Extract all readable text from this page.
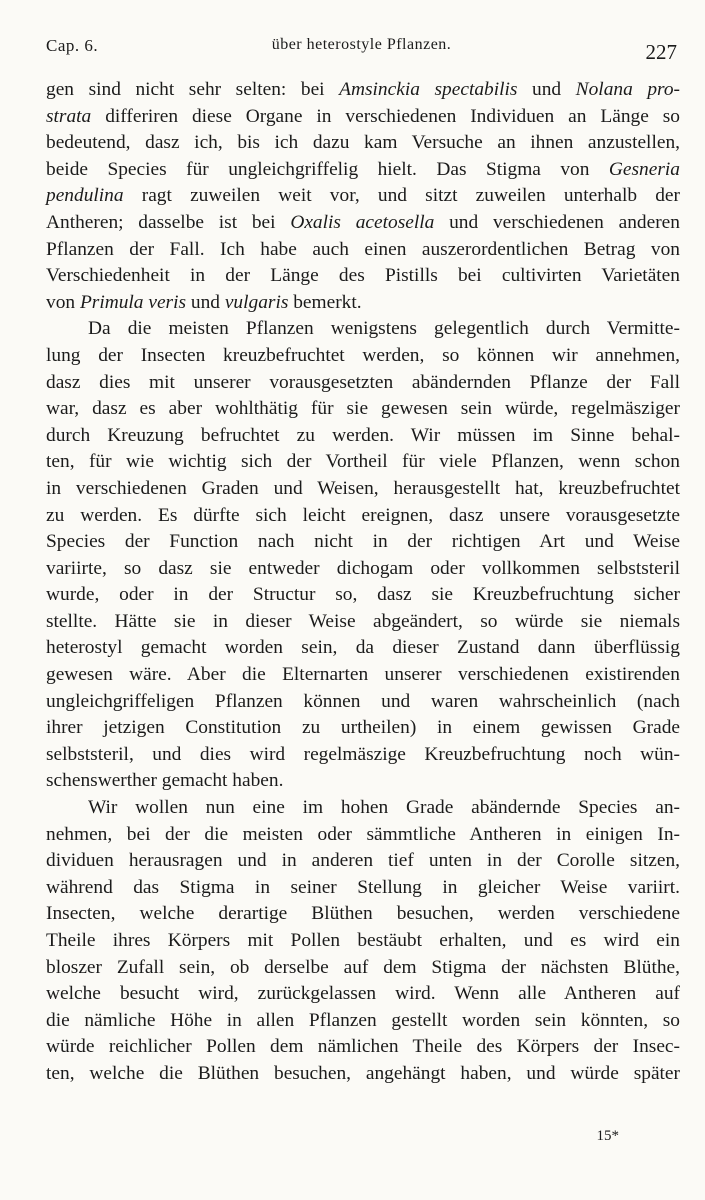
Cap. 6.	über heterostyle Pflanzen.	227
gen sind nicht sehr selten: bei Amsinckia spectabilis und Nolana pro-
strata differiren diese Organe in verschiedenen Individuen an Länge so
bedeutend, dasz ich, bis ich dazu kam Versuche an ihnen anzustellen,
beide Species für ungleichgriffelig hielt. Das Stigma von Gesneria
pendulina ragt zuweilen weit vor, und sitzt zuweilen unterhalb der
Antheren; dasselbe ist bei Oxalis acetosella und verschiedenen anderen
Pflanzen der Fall. Ich habe auch einen auszerordentlichen Betrag von
Verschiedenheit in der Länge des Pistills bei cultivirten Varietäten
von Primula veris und vulgaris bemerkt.
Da die meisten Pflanzen wenigstens gelegentlich durch Vermitte-
lung der Insecten kreuzbefruchtet werden, so können wir annehmen,
dasz dies mit unserer vorausgesetzten abändernden Pflanze der Fall
war, dasz es aber wohlthätig für sie gewesen sein würde, regelmäsziger
durch Kreuzung befruchtet zu werden. Wir müssen im Sinne behal-
ten, für wie wichtig sich der Vortheil für viele Pflanzen, wenn schon
in verschiedenen Graden und Weisen, herausgestellt hat, kreuzbefruchtet
zu werden. Es dürfte sich leicht ereignen, dasz unsere vorausgesetzte
Species der Function nach nicht in der richtigen Art und Weise
variirte, so dasz sie entweder dichogam oder vollkommen selbststeril
wurde, oder in der Structur so, dasz sie Kreuzbefruchtung sicher
stellte. Hätte sie in dieser Weise abgeändert, so würde sie niemals
heterostyl gemacht worden sein, da dieser Zustand dann überflüssig
gewesen wäre. Aber die Elternarten unserer verschiedenen existirenden
ungleichgriffeligen Pflanzen können und waren wahrscheinlich (nach
ihrer jetzigen Constitution zu urtheilen) in einem gewissen Grade
selbststeril, und dies wird regelmäszige Kreuzbefruchtung noch wün-
schenswerther gemacht haben.
Wir wollen nun eine im hohen Grade abändernde Species an-
nehmen, bei der die meisten oder sämmtliche Antheren in einigen In-
dividuen herausragen und in anderen tief unten in der Corolle sitzen,
während das Stigma in seiner Stellung in gleicher Weise variirt.
Insecten, welche derartige Blüthen besuchen, werden verschiedene
Theile ihres Körpers mit Pollen bestäubt erhalten, und es wird ein
bloszer Zufall sein, ob derselbe auf dem Stigma der nächsten Blüthe,
welche besucht wird, zurückgelassen wird. Wenn alle Antheren auf
die nämliche Höhe in allen Pflanzen gestellt worden sein könnten, so
würde reichlicher Pollen dem nämlichen Theile des Körpers der Insec-
ten, welche die Blüthen besuchen, angehängt haben, und würde später
15*
